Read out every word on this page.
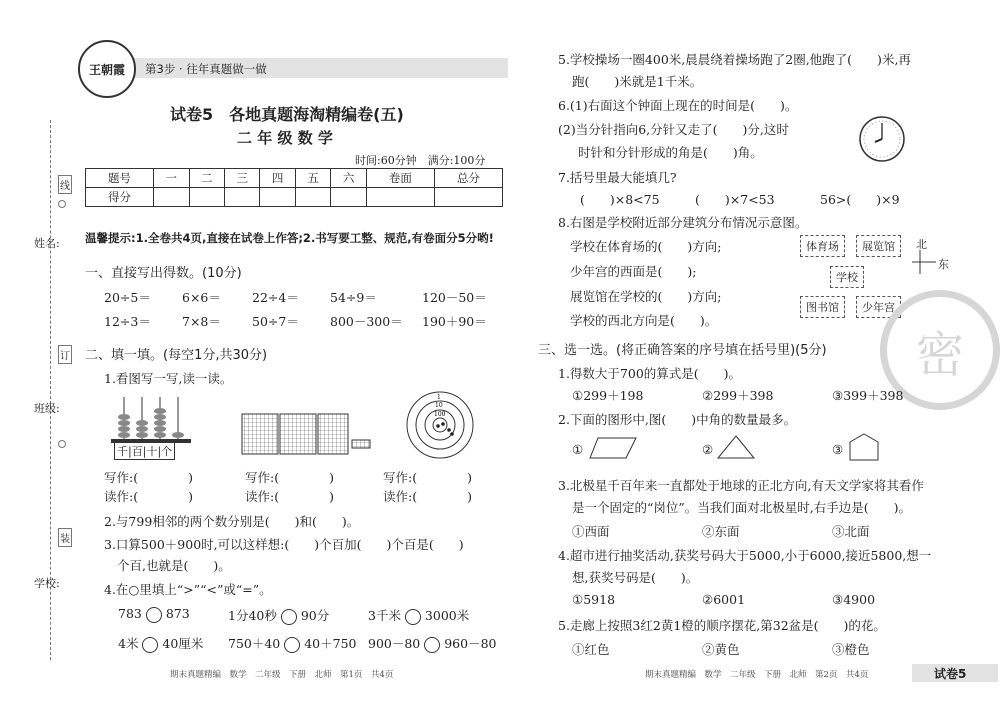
王朝霞 第3步 · 往年真题做一做
试卷5　各地真题海淘精编卷(五)
二 年 级 数 学
时间:60分钟　满分:100分
题号	一	二	三	四	五	六	卷面	总分
得分								
姓名:
班级:
学校:
线
订
装
温馨提示:1.全卷共4页,直接在试卷上作答;2.书写要工整、规范,有卷面分5分哟!
一、直接写出得数。(10分)
20÷5＝ 6×6＝ 22÷4＝ 54÷9＝	120－50＝
12÷3＝ 7×8＝ 50÷7＝ 800－300＝ 190＋90＝
二、填一填。(每空1分,共30分)
1.看图写一写,读一读。
千|百|十|个
1
10
100
写作:(　　　　)
读作:(　　　　)
写作:(　　　　)
读作:(　　　　)
写作:(　　　　)
读作:(　　　　)
2.与799相邻的两个数分别是(　　)和(　　)。
3.口算500＋900时,可以这样想:(　　)个百加(　　)个百是(　　)
个百,也就是(　　)。
4.在○里填上“>”“<”或“=”。
783 873	1分40秒 90分	3千米 3000米
4米 40厘米 750＋40 40＋750 900－80 960－80
期末真题精编　数学　二年级　下册　北师　第1页　共4页
5.学校操场一圈400米,晨晨绕着操场跑了2圈,他跑了(　　)米,再
跑(　　)米就是1千米。
6.(1)右面这个钟面上现在的时间是(　　)。
(2)当分针指向6,分针又走了(　　)分,这时
时针和分针形成的角是(　　)角。
7.括号里最大能填几?
(　　)×8<75	(　　)×7<53	56>(　　)×9
8.右图是学校附近部分建筑分布情况示意图。
学校在体育场的(　　)方向;
少年宫的西面是(　　);
展览馆在学校的(　　)方向;
学校的西北方向是(　　)。
体育场	展览馆
学校
图书馆	少年宫
北
东
密
三、选一选。(将正确答案的序号填在括号里)(5分)
1.得数大于700的算式是(　　)。
①299＋198	②299＋398	③399＋398
2.下面的图形中,图(　　)中角的数量最多。
①	②	③
3.北极星千百年来一直都处于地球的正北方向,有天文学家将其看作
是一个固定的“岗位”。当我们面对北极星时,右手边是(　　)。
①西面	②东面	③北面
4.超市进行抽奖活动,获奖号码大于5000,小于6000,接近5800,想一
想,获奖号码是(　　)。
①5918	②6001	③4900
5.走廊上按照3红2黄1橙的顺序摆花,第32盆是(　　)的花。
①红色	②黄色	③橙色
期末真题精编　数学　二年级　下册　北师　第2页　共4页	试卷5
